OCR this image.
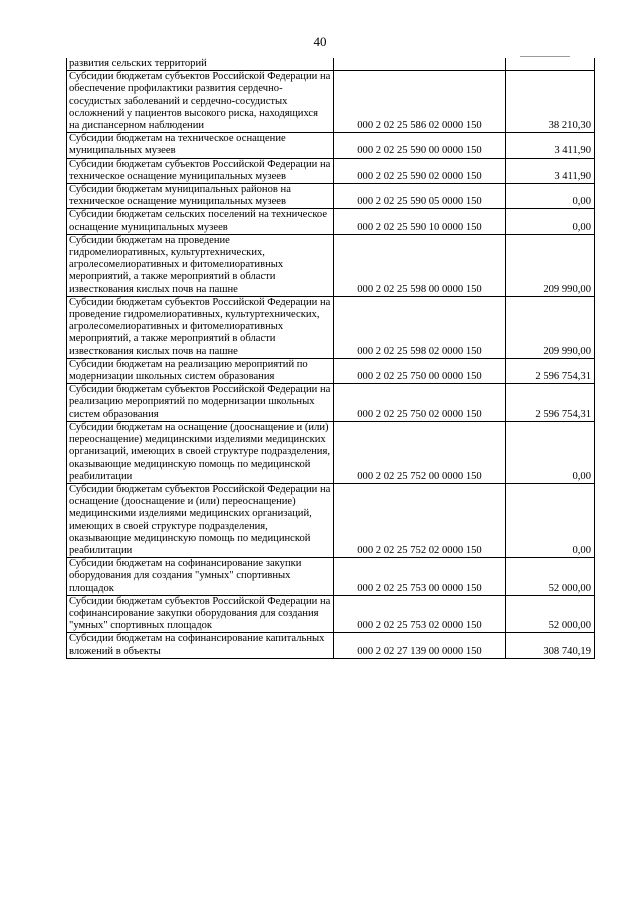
40
развития сельских территорий		
Субсидии бюджетам субъектов Российской Федерации на обеспечение профилактики развития сердечно-сосудистых заболеваний и сердечно-сосудистых осложнений у пациентов высокого риска, находящихся на диспансерном наблюдении	000 2 02 25 586 02 0000 150	38 210,30
Субсидии бюджетам на техническое оснащение муниципальных музеев	000 2 02 25 590 00 0000 150	3 411,90
Субсидии бюджетам субъектов Российской Федерации на техническое оснащение муниципальных музеев	000 2 02 25 590 02 0000 150	3 411,90
Субсидии бюджетам муниципальных районов на техническое оснащение муниципальных музеев	000 2 02 25 590 05 0000 150	0,00
Субсидии бюджетам сельских поселений на техническое оснащение муниципальных музеев	000 2 02 25 590 10 0000 150	0,00
Субсидии бюджетам на проведение гидромелиоративных, культуртехнических, агролесомелиоративных и фитомелиоративных мероприятий, а также мероприятий в области известкования кислых почв на пашне	000 2 02 25 598 00 0000 150	209 990,00
Субсидии бюджетам субъектов Российской Федерации на проведение гидромелиоративных, культуртехнических, агролесомелиоративных и фитомелиоративных мероприятий, а также мероприятий в области известкования кислых почв на пашне	000 2 02 25 598 02 0000 150	209 990,00
Субсидии бюджетам на реализацию мероприятий по модернизации школьных систем образования	000 2 02 25 750 00 0000 150	2 596 754,31
Субсидии бюджетам субъектов Российской Федерации на реализацию мероприятий по модернизации школьных систем образования	000 2 02 25 750 02 0000 150	2 596 754,31
Субсидии бюджетам на оснащение (дооснащение и (или) переоснащение) медицинскими изделиями медицинских организаций, имеющих в своей структуре подразделения, оказывающие медицинскую помощь по медицинской реабилитации	000 2 02 25 752 00 0000 150	0,00
Субсидии бюджетам субъектов Российской Федерации на оснащение (дооснащение и (или) переоснащение) медицинскими изделиями медицинских организаций, имеющих в своей структуре подразделения, оказывающие медицинскую помощь по медицинской реабилитации	000 2 02 25 752 02 0000 150	0,00
Субсидии бюджетам на софинансирование закупки оборудования для создания "умных" спортивных площадок	000 2 02 25 753 00 0000 150	52 000,00
Субсидии бюджетам субъектов Российской Федерации на софинансирование закупки оборудования для создания "умных" спортивных площадок	000 2 02 25 753 02 0000 150	52 000,00
Субсидии бюджетам на софинансирование капитальных вложений в объекты	000 2 02 27 139 00 0000 150	308 740,19
